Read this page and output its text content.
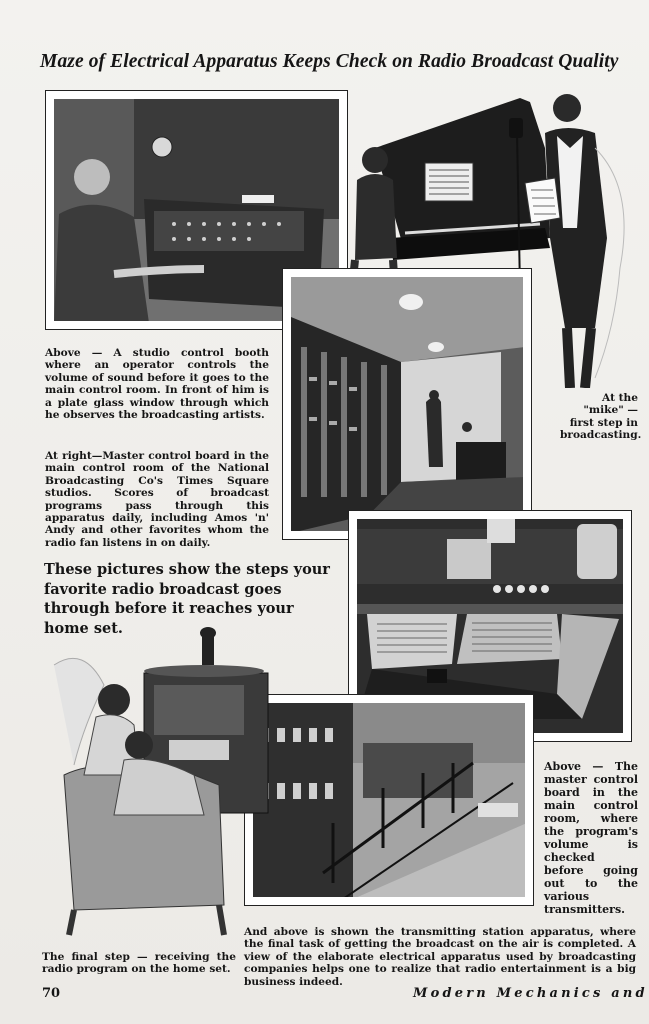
Maze of Electrical Apparatus Keeps Check on Radio Broadcast Quality
Above — A studio control booth where an operator controls the volume of sound before it goes to the main control room. In front of him is a plate glass window through which he observes the broadcasting artists.
At right—Master control board in the main control room of the National Broadcasting Co's Times Square studios. Scores of broadcast programs pass through this apparatus daily, including Amos 'n' Andy and other favorites whom the radio fan listens in on daily.
At the "mike" —first step in broadcasting.
These pictures show the steps your favorite radio broadcast goes through before it reaches your home set.
Above — The master control board in the main control room, where the program's volume is checked before going out to the various transmitters.
The final step — receiving the radio program on the home set.
And above is shown the transmitting station apparatus, where the final task of getting the broadcast on the air is completed. A view of the elaborate electrical apparatus used by broadcasting companies helps one to realize that radio entertainment is a big business indeed.
70	Modern Mechanics and
